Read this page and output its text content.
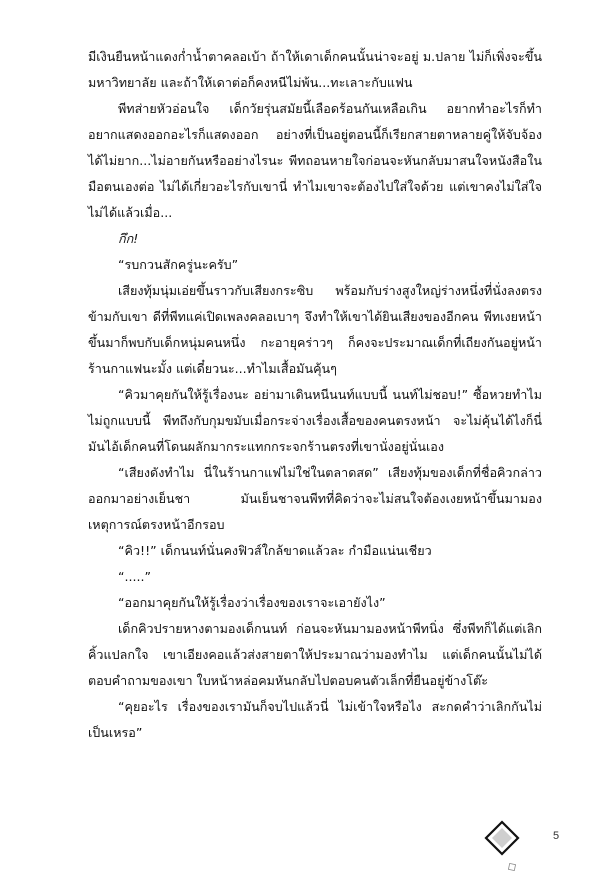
มีเงินยืนหน้าแดงก่ำน้ำตาคลอเบ้า ถ้าให้เดาเด็กคนนั้นน่าจะอยู่ ม.ปลาย ไม่ก็เพิ่งจะขึ้นมหาวิทยาลัย และถ้าให้เดาต่อก็คงหนีไม่พ้น...ทะเลาะกับแฟน

พีทส่ายหัวอ่อนใจ เด็กวัยรุ่นสมัยนี้เลือดร้อนกันเหลือเกิน อยากทำอะไรก็ทำ อยากแสดงออกอะไรก็แสดงออก อย่างที่เป็นอยู่ตอนนี้ก็เรียกสายตาหลายคู่ให้จับจ้องได้ไม่ยาก...ไม่อายกันหรืออย่างไรนะ พีทถอนหายใจก่อนจะหันกลับมาสนใจหนังสือในมือตนเองต่อ ไม่ได้เกี่ยวอะไรกับเขานี่ ทำไมเขาจะต้องไปใส่ใจด้วย แต่เขาคงไม่ใส่ใจไม่ได้แล้วเมื่อ...

กึก!

“รบกวนสักครู่นะครับ”

เสียงทุ้มนุ่มเอ่ยขึ้นราวกับเสียงกระซิบ พร้อมกับร่างสูงใหญ่ร่างหนึ่งที่นั่งลงตรงข้ามกับเขา ดีที่พีทแค่เปิดเพลงคลอเบาๆ จึงทำให้เขาได้ยินเสียงของอีกคน พีทเงยหน้าขึ้นมาก็พบกับเด็กหนุ่มคนหนึ่ง กะอายุคร่าวๆ ก็คงจะประมาณเด็กที่เถียงกันอยู่หน้าร้านกาแฟนะมั้ง แต่เดี๋ยวนะ...ทำไมเสื้อมันคุ้นๆ

“คิวมาคุยกันให้รู้เรื่องนะ อย่ามาเดินหนีนนท์แบบนี้ นนท์ไม่ชอบ!” ซื้อหวยทำไมไม่ถูกแบบนี้ พีทถึงกับกุมขมับเมื่อกระจ่างเรื่องเสื้อของคนตรงหน้า จะไม่คุ้นได้ไงก็นี่มันไอ้เด็กคนที่โดนผลักมากระแทกกระจกร้านตรงที่เขานั่งอยู่นั่นเอง

“เสียงดังทำไม นี่ในร้านกาแฟไม่ใช่ในตลาดสด” เสียงทุ้มของเด็กที่ชื่อคิวกล่าวออกมาอย่างเย็นชา มันเย็นชาจนพีทที่คิดว่าจะไม่สนใจต้องเงยหน้าขึ้นมามองเหตุการณ์ตรงหน้าอีกรอบ

“คิว!!” เด็กนนท์นั่นคงฟิวส์ใกล้ขาดแล้วละ กำมือแน่นเชียว

“.....”

“ออกมาคุยกันให้รู้เรื่องว่าเรื่องของเราจะเอายังไง”

เด็กคิวปรายหางตามองเด็กนนท์ ก่อนจะหันมามองหน้าพีทนิ่ง ซึ่งพีทก็ได้แต่เลิกคิ้วแปลกใจ เขาเอียงคอแล้วส่งสายตาให้ประมาณว่ามองทำไม แต่เด็กคนนั้นไม่ได้ตอบคำถามของเขา ใบหน้าหล่อคมหันกลับไปตอบคนตัวเล็กที่ยืนอยู่ข้างโต๊ะ

“คุยอะไร เรื่องของเรามันก็จบไปแล้วนี่ ไม่เข้าใจหรือไง สะกดคำว่าเลิกกันไม่เป็นเหรอ”

5
